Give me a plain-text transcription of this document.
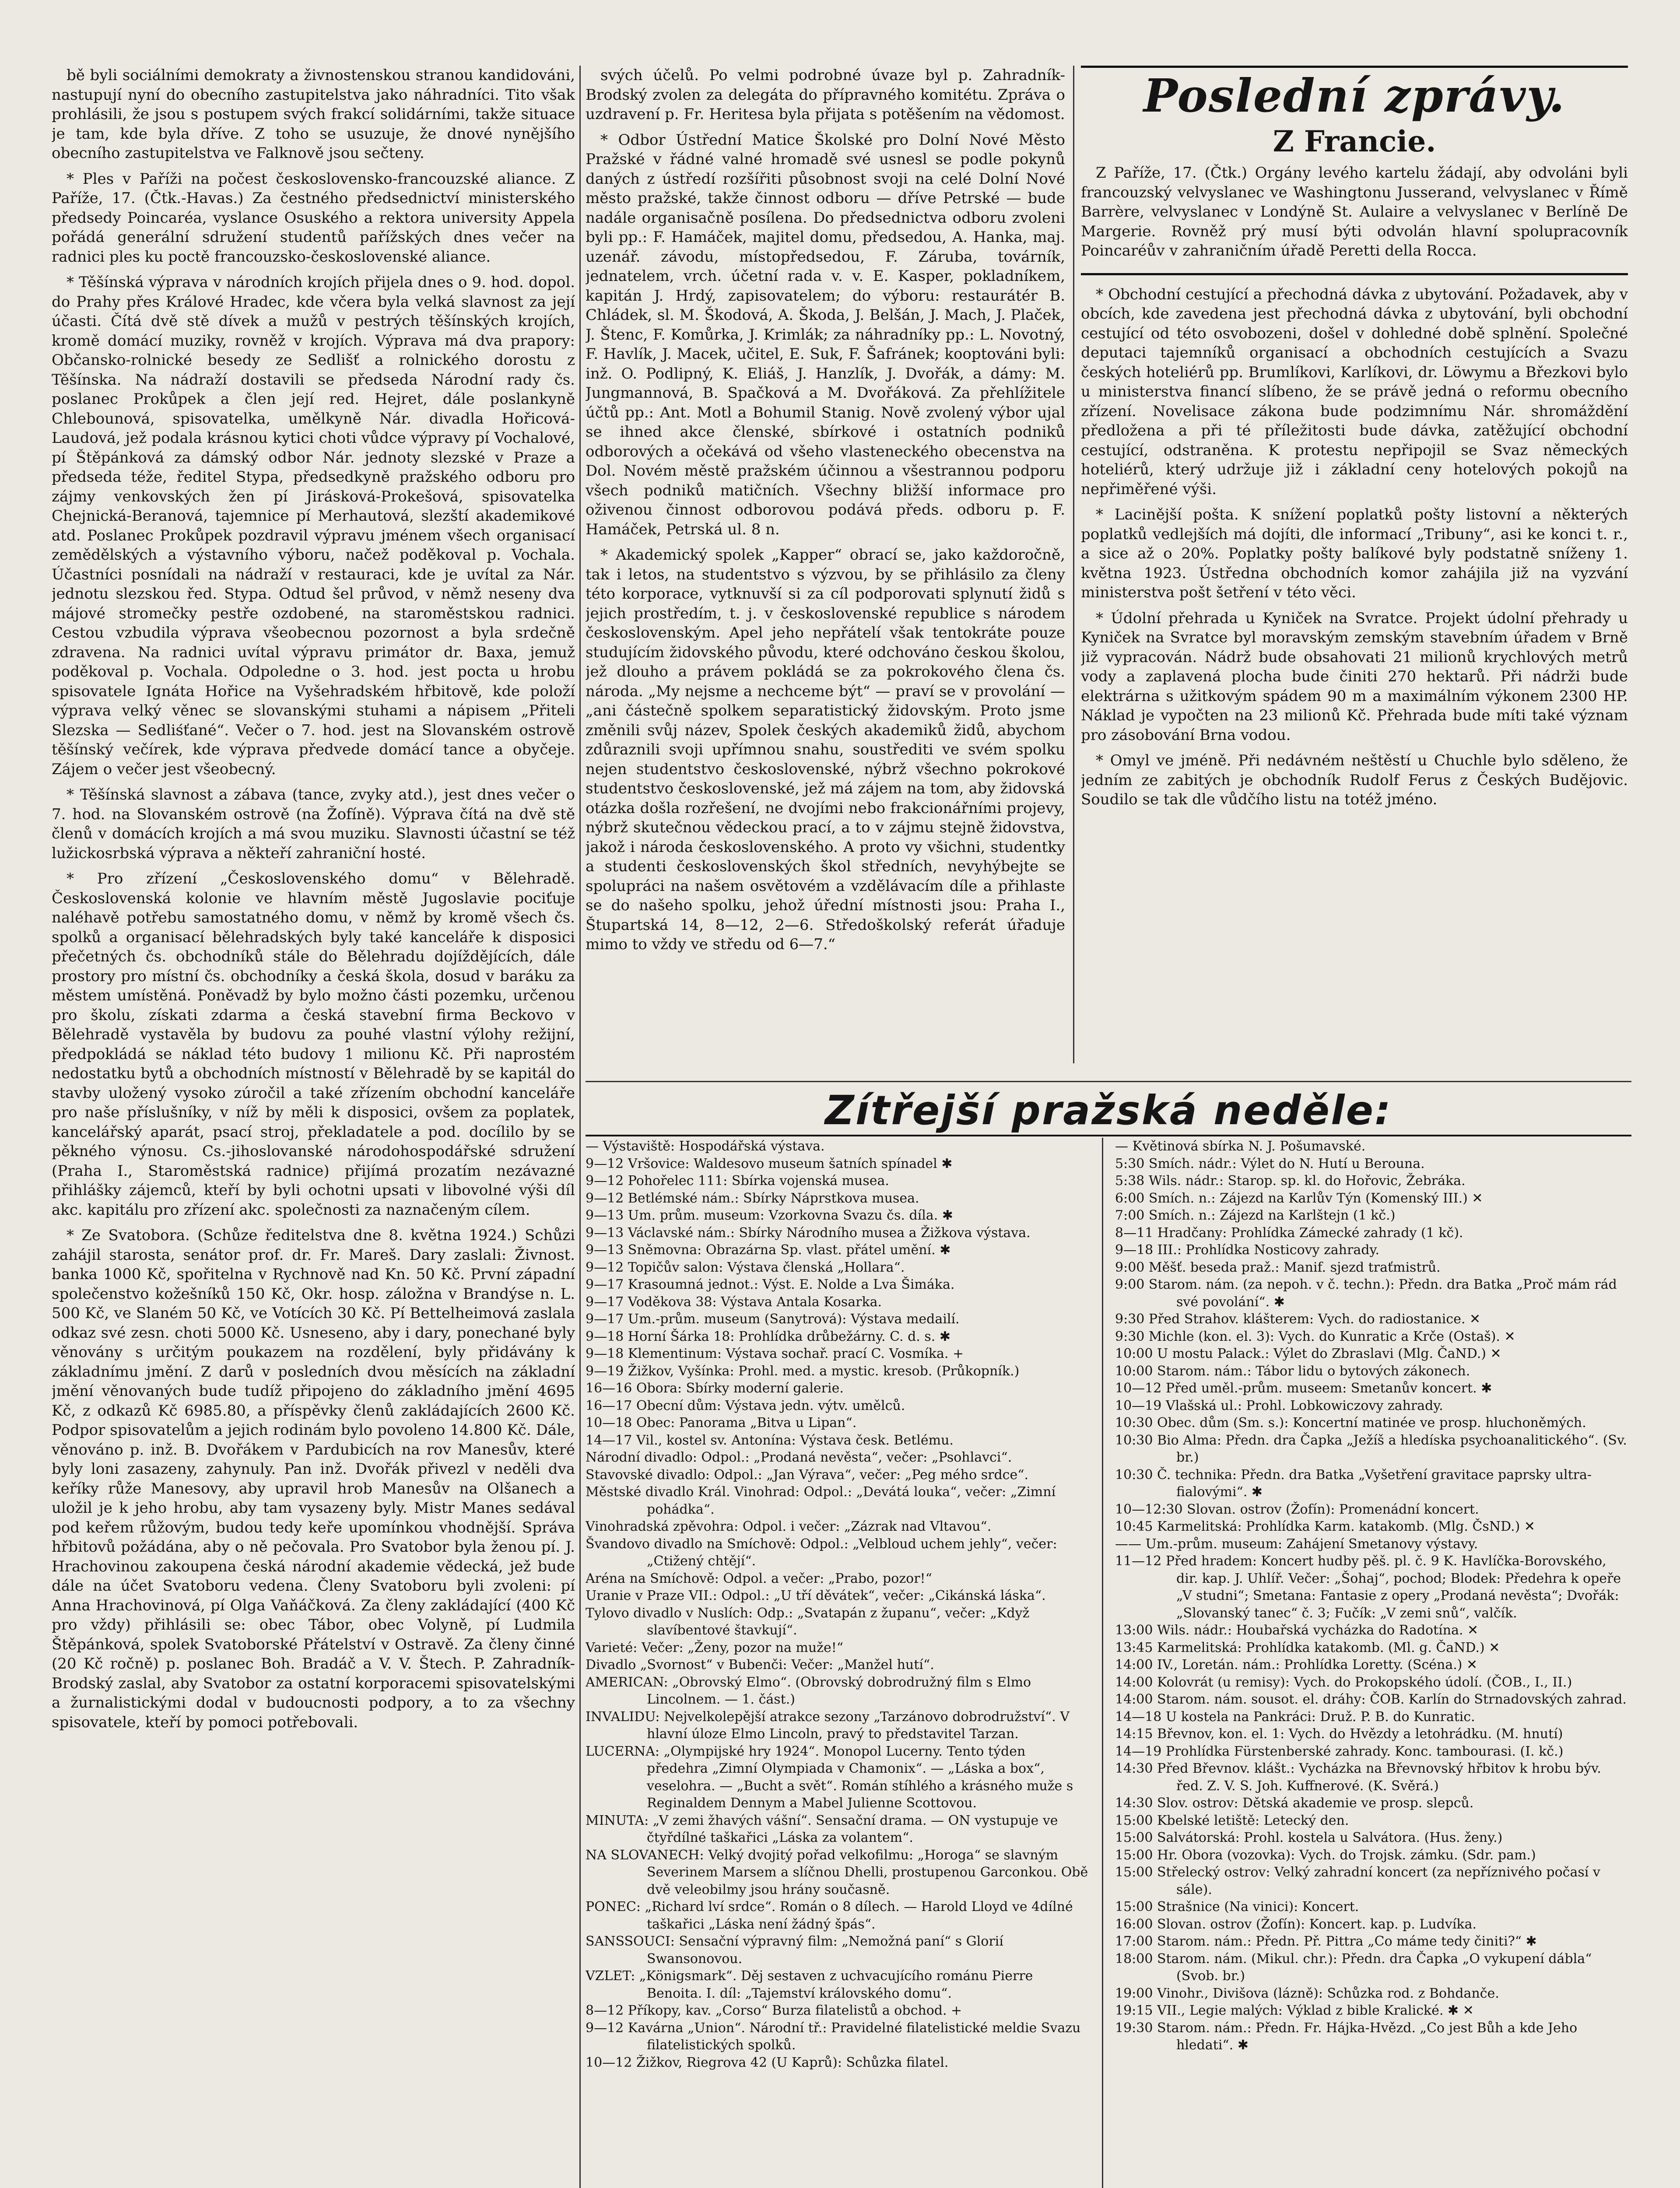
bě byli sociálními demokraty a živnostenskou stranou kandidováni, nastupují nyní do obecního zastupitelstva jako náhradníci. Tito však prohlásili, že jsou s postupem svých frakcí solidárními, takže situace je tam, kde byla dříve. Z toho se usuzuje, že dnové nynějšího obecního zastupitelstva ve Falknově jsou sečteny.

* Ples v Paříži na počest československo-francouzské aliance. Z Paříže, 17. (Čtk.-Havas.) Za čestného předsednictví ministerského předsedy Poincaréa, vyslance Osuského a rektora university Appela pořádá generální sdružení studentů pařížských dnes večer na radnici ples ku poctě francouzsko-československé aliance.

* Těšínská výprava v národních krojích přijela dnes o 9. hod. dopol. do Prahy přes Králové Hradec, kde včera byla velká slavnost za její účasti. Čítá dvě stě dívek a mužů v pestrých těšínských krojích, kromě domácí muziky, rovněž v krojích. Výprava má dva prapory: Občansko-rolnické besedy ze Sedlišť a rolnického dorostu z Těšínska. Na nádraží dostavili se předseda Národní rady čs. poslanec Prokůpek a člen její red. Hejret, dále poslankyně Chlebounová, spisovatelka, umělkyně Nár. divadla Hořicová-Laudová, jež podala krásnou kytici choti vůdce výpravy pí Vochalové, pí Štěpánková za dámský odbor Nár. jednoty slezské v Praze a předseda téže, ředitel Stypa, předsedkyně pražského odboru pro zájmy venkovských žen pí Jirásková-Prokešová, spisovatelka Chejnická-Beranová, tajemnice pí Merhautová, slezští akademikové atd. Poslanec Prokůpek pozdravil výpravu jménem všech organisací zemědělských a výstavního výboru, načež poděkoval p. Vochala. Účastníci posnídali na nádraží v restauraci, kde je uvítal za Nár. jednotu slezskou řed. Stypa. Odtud šel průvod, v němž neseny dva májové stromečky pestře ozdobené, na staroměstskou radnici. Cestou vzbudila výprava všeobecnou pozornost a byla srdečně zdravena. Na radnici uvítal výpravu primátor dr. Baxa, jemuž poděkoval p. Vochala. Odpoledne o 3. hod. jest pocta u hrobu spisovatele Ignáta Hořice na Vyšehradském hřbitově, kde položí výprava velký věnec se slovanskými stuhami a nápisem „Přiteli Slezska — Sedliśťané“. Večer o 7. hod. jest na Slovanském ostrově těšínský večírek, kde výprava předvede domácí tance a obyčeje. Zájem o večer jest všeobecný.

* Těšínská slavnost a zábava (tance, zvyky atd.), jest dnes večer o 7. hod. na Slovanském ostrově (na Žofíně). Výprava čítá na dvě stě členů v domácích krojích a má svou muziku. Slavnosti účastní se též lužickosrbská výprava a někteří zahraniční hosté.

* Pro zřízení „Československého domu“ v Bělehradě. Československá kolonie ve hlavním městě Jugoslavie pociťuje naléhavě potřebu samostatného domu, v němž by kromě všech čs. spolků a organisací bělehradských byly také kanceláře k disposici přečetných čs. obchodníků stále do Bělehradu dojíždějících, dále prostory pro místní čs. obchodníky a česká škola, dosud v baráku za městem umístěná. Poněvadž by bylo možno části pozemku, určenou pro školu, získati zdarma a česká stavební firma Beckovo v Bělehradě vystavěla by budovu za pouhé vlastní výlohy režijní, předpokládá se náklad této budovy 1 milionu Kč. Při naprostém nedostatku bytů a obchodních místností v Bělehradě by se kapitál do stavby uložený vysoko zúročil a také zřízením obchodní kanceláře pro naše příslušníky, v níž by měli k disposici, ovšem za poplatek, kancelářský aparát, psací stroj, překladatele a pod. docílilo by se pěkného výnosu. Cs.-jihoslovanské národohospodářské sdružení (Praha I., Staroměstská radnice) přijímá prozatím nezávazné přihlášky zájemců, kteří by byli ochotni upsati v libovolné výši díl akc. kapitálu pro zřízení akc. společnosti za naznačeným cílem.

* Ze Svatobora. (Schůze ředitelstva dne 8. května 1924.) Schůzi zahájil starosta, senátor prof. dr. Fr. Mareš. Dary zaslali: Živnost. banka 1000 Kč, spořitelna v Rychnově nad Kn. 50 Kč. První západní společenstvo kožešníků 150 Kč, Okr. hosp. záložna v Brandýse n. L. 500 Kč, ve Slaném 50 Kč, ve Votících 30 Kč. Pí Bettelheimová zaslala odkaz své zesn. choti 5000 Kč. Usneseno, aby i dary, ponechané byly věnovány s určitým poukazem na rozdělení, byly přidávány k základnímu jmění. Z darů v posledních dvou měsících na základní jmění věnovaných bude tudíž připojeno do základního jmění 4695 Kč, z odkazů Kč 6985.80, a příspěvky členů zakládajících 2600 Kč. Podpor spisovatelům a jejich rodinám bylo povoleno 14.800 Kč. Dále, věnováno p. inž. B. Dvořákem v Pardubicích na rov Manesův, které byly loni zasazeny, zahynuly. Pan inž. Dvořák přivezl v neděli dva keříky růže Manesovy, aby upravil hrob Manesův na Olšanech a uložil je k jeho hrobu, aby tam vysazeny byly. Mistr Manes sedával pod keřem růžovým, budou tedy keře upomínkou vhodnější. Správa hřbitovů požádána, aby o ně pečovala. Pro Svatobor byla ženou pí. J. Hrachovinou zakoupena česká národní akademie vědecká, jež bude dále na účet Svatoboru vedena. Členy Svatoboru byli zvoleni: pí Anna Hrachovinová, pí Olga Vaňáčková. Za členy zakládající (400 Kč pro vždy) přihlásili se: obec Tábor, obec Volyně, pí Ludmila Štěpánková, spolek Svatoborské Přátelství v Ostravě. Za členy činné (20 Kč ročně) p. poslanec Boh. Bradáč a V. V. Štech. P. Zahradník-Brodský zaslal, aby Svatobor za ostatní korporacemi spisovatelskými a žurnalistickými dodal v budoucnosti podpory, a to za všechny spisovatele, kteří by pomoci potřebovali.

svých účelů. Po velmi podrobné úvaze byl p. Zahradník-Brodský zvolen za delegáta do přípravného komitétu. Zpráva o uzdravení p. Fr. Heritesa byla přijata s potěšením na vědomost.

* Odbor Ústřední Matice Školské pro Dolní Nové Město Pražské v řádné valné hromadě své usnesl se podle pokynů daných z ústředí rozšířiti působnost svoji na celé Dolní Nové město pražské, takže činnost odboru — dříve Petrské — bude nadále organisačně posílena. Do předsednictva odboru zvoleni byli pp.: F. Hamáček, majitel domu, předsedou, A. Hanka, maj. uzenář. závodu, místopředsedou, F. Záruba, továrník, jednatelem, vrch. účetní rada v. v. E. Kasper, pokladníkem, kapitán J. Hrdý, zapisovatelem; do výboru: restaurátér B. Chládek, sl. M. Škodová, A. Škoda, J. Belšán, J. Mach, J. Plaček, J. Štenc, F. Komůrka, J. Krimlák; za náhradníky pp.: L. Novotný, F. Havlík, J. Macek, učitel, E. Suk, F. Šafránek; kooptováni byli: inž. O. Podlipný, K. Eliáš, J. Hanzlík, J. Dvořák, a dámy: M. Jungmannová, B. Spačková a M. Dvořáková. Za přehlížitele účtů pp.: Ant. Motl a Bohumil Stanig. Nově zvolený výbor ujal se ihned akce členské, sbírkové i ostatních podniků odborových a očekává od všeho vlasteneckého obecenstva na Dol. Novém městě pražském účinnou a všestrannou podporu všech podniků matičních. Všechny bližší informace pro oživenou činnost odborovou podává předs. odboru p. F. Hamáček, Petrská ul. 8 n.

* Akademický spolek „Kapper“ obrací se, jako každoročně, tak i letos, na studentstvo s výzvou, by se přihlásilo za členy této korporace, vytknuvší si za cíl podporovati splynutí židů s jejich prostředím, t. j. v československé republice s národem československým. Apel jeho nepřátelí však tentokráte pouze studujícím židovského původu, které odchováno českou školou, jež dlouho a právem pokládá se za pokrokového člena čs. národa. „My nejsme a nechceme být“ — praví se v provolání — „ani částečně spolkem separatistický židovským. Proto jsme změnili svůj název, Spolek českých akademiků židů, abychom zdůraznili svoji upřímnou snahu, soustřediti ve svém spolku nejen studentstvo československé, nýbrž všechno pokrokové studentstvo československé, jež má zájem na tom, aby židovská otázka došla rozřešení, ne dvojími nebo frakcionářními projevy, nýbrž skutečnou vědeckou prací, a to v zájmu stejně židovstva, jakož i národa československého. A proto vy všichni, studentky a studenti československých škol středních, nevyhýbejte se spolupráci na našem osvětovém a vzdělávacím díle a přihlaste se do našeho spolku, jehož úřední místnosti jsou: Praha I., Štupartská 14, 8—12, 2—6. Středoškolský referát úřaduje mimo to vždy ve středu od 6—7.“

Poslední zprávy.
Z Francie.

Z Paříže, 17. (Čtk.) Orgány levého kartelu žádají, aby odvoláni byli francouzský velvyslanec ve Washingtonu Jusserand, velvyslanec v Římě Barrère, velvyslanec v Londýně St. Aulaire a velvyslanec v Berlíně De Margerie. Rovněž prý musí býti odvolán hlavní spolupracovník Poincaréův v zahraničním úřadě Peretti della Rocca.

* Obchodní cestující a přechodná dávka z ubytování. Požadavek, aby v obcích, kde zavedena jest přechodná dávka z ubytování, byli obchodní cestující od této osvobozeni, došel v dohledné době splnění. Společné deputaci tajemníků organisací a obchodních cestujících a Svazu českých hoteliérů pp. Brumlíkovi, Karlíkovi, dr. Löwymu a Březkovi bylo u ministerstva financí slíbeno, že se právě jedná o reformu obecního zřízení. Novelisace zákona bude podzimnímu Nár. shromáždění předložena a při té příležitosti bude dávka, zatěžující obchodní cestující, odstraněna. K protestu nepřipojil se Svaz německých hoteliérů, který udržuje již i základní ceny hotelových pokojů na nepřiměřené výši.

* Lacinější pošta. K snížení poplatků pošty listovní a některých poplatků vedlejších má dojíti, dle informací „Tribuny“, asi ke konci t. r., a sice až o 20%. Poplatky pošty balíkové byly podstatně sníženy 1. května 1923. Ústředna obchodních komor zahájila již na vyzvání ministerstva pošt šetření v této věci.

* Údolní přehrada u Kyniček na Svratce. Projekt údolní přehrady u Kyniček na Svratce byl moravským zemským stavebním úřadem v Brně již vypracován. Nádrž bude obsahovati 21 milionů krychlových metrů vody a zaplavená plocha bude činiti 270 hektarů. Při nádrži bude elektrárna s užitkovým spádem 90 m a maximálním výkonem 2300 HP. Náklad je vypočten na 23 milionů Kč. Přehrada bude míti také význam pro zásobování Brna vodou.

* Omyl ve jméně. Při nedávném neštěstí u Chuchle bylo sděleno, že jedním ze zabitých je obchodník Rudolf Ferus z Českých Budějovic. Soudilo se tak dle vůdčího listu na totéž jméno.

Zítřejší pražská neděle:

— Výstaviště: Hospodářská výstava.

9—12 Vršovice: Waldesovo museum šatních spínadel ✱

9—12 Pohořelec 111: Sbírka vojenská musea.

9—12 Betlémské nám.: Sbírky Náprstkova musea.

9—13 Um. prům. museum: Vzorkovna Svazu čs. díla. ✱

9—13 Václavské nám.: Sbírky Národního musea a Žižkova výstava.

9—13 Sněmovna: Obrazárna Sp. vlast. přátel umění. ✱

9—12 Topičův salon: Výstava členská „Hollara“.

9—17 Krasoumná jednot.: Výst. E. Nolde a Lva Šimáka.

9—17 Voděkova 38: Výstava Antala Kosarka.

9—17 Um.-prům. museum (Sanytrová): Výstava medailí.

9—18 Horní Šárka 18: Prohlídka drůbežárny. C. d. s. ✱

9—18 Klementinum: Výstava sochař. prací C. Vosmíka. +

9—19 Žižkov, Vyšínka: Prohl. med. a mystic. kresob. (Průkopník.)

16—16 Obora: Sbírky moderní galerie.

16—17 Obecní dům: Výstava jedn. výtv. umělců.

10—18 Obec: Panorama „Bitva u Lipan“.

14—17 Vil., kostel sv. Antonína: Výstava česk. Betlému.

Národní divadlo: Odpol.: „Prodaná nevěsta“, večer: „Psohlavci“.

Stavovské divadlo: Odpol.: „Jan Výrava“, večer: „Peg mého srdce“.

Městské divadlo Král. Vinohrad: Odpol.: „Devátá louka“, večer: „Zimní pohádka“.

Vinohradská zpěvohra: Odpol. i večer: „Zázrak nad Vltavou“.

Švandovo divadlo na Smíchově: Odpol.: „Velbloud uchem jehly“, večer: „Ctižený chtějí“.

Aréna na Smíchově: Odpol. a večer: „Prabo, pozor!“

Uranie v Praze VII.: Odpol.: „U tří děvátek“, večer: „Cikánská láska“.

Tylovo divadlo v Nuslích: Odp.: „Svatapán z županu“, večer: „Když slavíbentové štavkují“.

Varieté: Večer: „Ženy, pozor na muže!“

Divadlo „Svornost“ v Bubenči: Večer: „Manžel hutí“.

AMERICAN: „Obrovský Elmo“. (Obrovský dobrodružný film s Elmo Lincolnem. — 1. část.)

INVALIDU: Nejvelkolepější atrakce sezony „Tarzánovo dobrodružství“. V hlavní úloze Elmo Lincoln, pravý to představitel Tarzan.

LUCERNA: „Olympijské hry 1924“. Monopol Lucerny. Tento týden předehra „Zimní Olympiada v Chamonix“. — „Láska a box“, veselohra. — „Bucht a svět“. Román stíhlého a krásného muže s Reginaldem Dennym a Mabel Julienne Scottovou.

MINUTA: „V zemi žhavých vášní“. Sensační drama. — ON vystupuje ve čtyřdílné taškařici „Láska za volantem“.

NA SLOVANECH: Velký dvojitý pořad velkofilmu: „Horoga“ se slavným Severinem Marsem a slíčnou Dhelli, prostupenou Garconkou. Obě dvě veleobilmy jsou hrány současně.

PONEC: „Richard lví srdce“. Román o 8 dílech. — Harold Lloyd ve 4dílné taškařici „Láska není žádný špás“.

SANSSOUCI: Sensační výpravný film: „Nemožná paní“ s Glorií Swansonovou.

VZLET: „Königsmark“. Děj sestaven z uchvacujícího románu Pierre Benoita. I. díl: „Tajemství královského domu“.

8—12 Příkopy, kav. „Corso“ Burza filatelistů a obchod. +

9—12 Kavárna „Union“. Národní tř.: Pravidelné filatelistické meldie Svazu filatelistických spolků.

10—12 Žižkov, Riegrova 42 (U Kaprů): Schůzka filatel.

— Květinová sbírka N. J. Pošumavské.

5:30 Smích. nádr.: Výlet do N. Hutí u Berouna.

5:38 Wils. nádr.: Starop. sp. kl. do Hořovic, Žebráka.

6:00 Smích. n.: Zájezd na Karlův Týn (Komenský III.) ✕

7:00 Smích. n.: Zájezd na Karlštejn (1 kč.)

8—11 Hradčany: Prohlídka Zámecké zahrady (1 kč).

9—18 III.: Prohlídka Nosticovy zahrady.

9:00 Měšť. beseda praž.: Manif. sjezd traťmistrů.

9:00 Starom. nám. (za nepoh. v č. techn.): Předn. dra Batka „Proč mám rád své povolání“. ✱

9:30 Před Strahov. klášterem: Vych. do radiostanice. ✕

9:30 Michle (kon. el. 3): Vych. do Kunratic a Krče (Ostaš). ✕

10:00 U mostu Palack.: Výlet do Zbraslavi (Mlg. ČaND.) ✕

10:00 Starom. nám.: Tábor lidu o bytových zákonech.

10—12 Před uměl.-prům. museem: Smetanův koncert. ✱

10—19 Vlašská ul.: Prohl. Lobkowiczovy zahrady.

10:30 Obec. dům (Sm. s.): Koncertní matinée ve prosp. hluchoněmých.

10:30 Bio Alma: Předn. dra Čapka „Ježíš a hledíska psychoanalitického“. (Sv. br.)

10:30 Č. technika: Předn. dra Batka „Vyšetření gravitace paprsky ultra-fialovými“. ✱

10—12:30 Slovan. ostrov (Žofín): Promenádní koncert.

10:45 Karmelitská: Prohlídka Karm. katakomb. (Mlg. ČsND.) ✕

—— Um.-prům. museum: Zahájení Smetanovy výstavy.

11—12 Před hradem: Koncert hudby pěš. pl. č. 9 K. Havlíčka-Borovského, dir. kap. J. Uhlíř. Večer: „Šohaj“, pochod; Blodek: Předehra k opeře „V studni“; Smetana: Fantasie z opery „Prodaná nevěsta“; Dvořák: „Slovanský tanec“ č. 3; Fučík: „V zemi snů“, valčík.

13:00 Wils. nádr.: Houbařská vycházka do Radotína. ✕

13:45 Karmelitská: Prohlídka katakomb. (Ml. g. ČaND.) ✕

14:00 IV., Loretán. nám.: Prohlídka Loretty. (Scéna.) ✕

14:00 Kolovrát (u remisy): Vych. do Prokopského údolí. (ČOB., I., II.)

14:00 Starom. nám. sousot. el. dráhy: ČOB. Karlín do Strnadovských zahrad.

14—18 U kostela na Pankráci: Druž. P. B. do Kunratic.

14:15 Břevnov, kon. el. 1: Vych. do Hvězdy a letohrádku. (M. hnutí)

14—19 Prohlídka Fürstenberské zahrady. Konc. tambourasi. (I. kč.)

14:30 Před Břevnov. klášt.: Vycházka na Břevnovský hřbitov k hrobu býv. řed. Z. V. S. Joh. Kuffnerové. (K. Svěrá.)

14:30 Slov. ostrov: Dětská akademie ve prosp. slepců.

15:00 Kbelské letiště: Letecký den.

15:00 Salvátorská: Prohl. kostela u Salvátora. (Hus. ženy.)

15:00 Hr. Obora (vozovka): Vych. do Trojsk. zámku. (Sdr. pam.)

15:00 Střelecký ostrov: Velký zahradní koncert (za nepříznivého počasí v sále).

15:00 Strašnice (Na vinici): Koncert.

16:00 Slovan. ostrov (Žofín): Koncert. kap. p. Ludvíka.

17:00 Starom. nám.: Předn. Př. Pittra „Co máme tedy činiti?“ ✱

18:00 Starom. nám. (Mikul. chr.): Předn. dra Čapka „O vykupení dábla“ (Svob. br.)

19:00 Vinohr., Divišova (lázně): Schůzka rod. z Bohdanče.

19:15 VII., Legie malých: Výklad z bible Kralické. ✱ ✕

19:30 Starom. nám.: Předn. Fr. Hájka-Hvězd. „Co jest Bůh a kde Jeho hledati“. ✱
